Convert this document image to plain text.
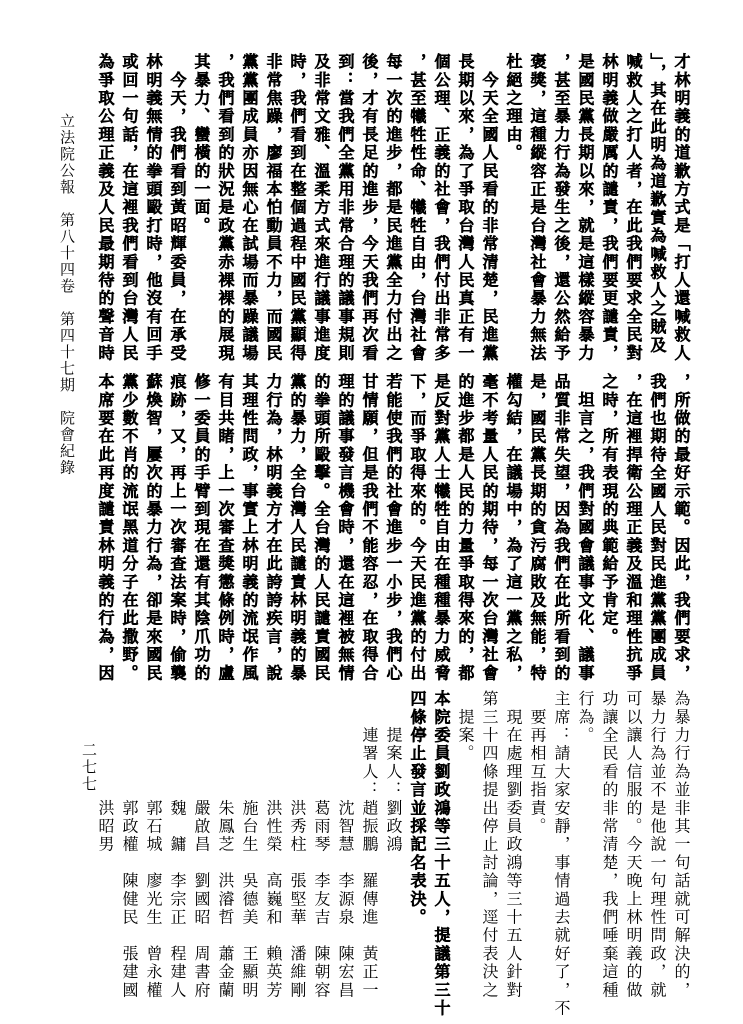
立法院公報　第八十四卷　第四十七期　院會紀錄
二七七
才林明義的道歉方式是「打人還喊救人
」，其在此明為道歉實為喊救人之賊及
喊救人之打人者，在此我們要求全民對
林明義做嚴厲的譴責，我們要更譴責，
是國民黨長期以來，就是這樣縱容暴力
，甚至暴力行為發生之後，還公然給予
褒獎，這種縱容正是台灣社會暴力無法
杜絕之理由。
　今天全國人民看的非常清楚，民進黨
長期以來，為了爭取台灣人民真正有一
個公理、正義的社會，我們付出非常多
，甚至犧牲性命、犧牲自由，台灣社會
每一次的進步，都是民進黨全力付出之
後，才有長足的進步，今天我們再次看
到：當我們全黨用非常合理的議事規則
及非常文雅、溫柔方式來進行議事進度
時，我們看到在整個過程中國民黨顯得
非常焦躁，廖福本怕動員不力，而國民
黨黨團成員亦因無心在試場而暴躁議場
，我們看到的狀況是政黨赤裸裸的展現
其暴力、蠻橫的一面。
　今天，我們看到黃昭輝委員，在承受
林明義無情的拳頭毆打時，他沒有回手
或回一句話，在這裡我們看到台灣人民
為爭取公理正義及人民最期待的聲音時
，所做的最好示範。因此，我們要求，
我們也期待全國人民對民進黨黨團成員
，在這裡捍衛公理正義及溫和理性抗爭
之時，所有表現的典範給予肯定。
　坦言之，我們對國會議事文化、議事
品質非常失望，因為我們在此所看到的
是，國民黨長期的貪污腐敗及無能，特
權勾結，在議場中，為了這一黨之私，
毫不考量人民的期待，每一次台灣社會
的進步都是人民的力量爭取得來的，都
是反對黨人士犧牲自由在種種暴力威脅
下，而爭取得來的。今天民進黨的付出
若能使我們的社會進步一小步，我們心
甘情願，但是我們不能容忍，在取得合
理的議事發言機會時，還在這裡被無情
的拳頭所毆擊。全台灣的人民譴責國民
黨的暴力，全台灣人民譴責林明義的暴
力行為，林明義方才在此誇誇疾言，說
其理性問政，事實上林明義的流氓作風
有目共睹，上一次審查獎懲條例時，盧
修一委員的手臂到現在還有其陰爪功的
痕跡，又，再上一次審查法案時，偷襲
蘇煥智，屢次的暴力行為，卻是來國民
黨少數不肖的流氓黑道分子在此撒野。
本席要在此再度譴責林明義的行為，因
為暴力行為並非其一句話就可解決的，
暴力行為並不是他說一句理性問政，就
可以讓人信服的。今天晚上林明義的做
功讓全民看的非常清楚，我們唾棄這種
行為。
主席：請大家安靜，事情過去就好了，不
　要再相互指責。
　現在處理劉委員政鴻等三十五人針對
第三十四條提出停止討論，逕付表決之
　提案。
本院委員劉政鴻等三十五人，提議第三十
四條停止發言並採記名表決。
　　提案人：劉政鴻
　　連署人：趙振鵬　羅傳進　黃正一
　　　　　　沈智慧　李源泉　陳宏昌
　　　　　　葛雨琴　李友吉　陳朝容
　　　　　　洪秀柱　張堅華　潘維剛
　　　　　　洪性榮　高巍和　賴英芳
　　　　　　施台生　吳德美　王顯明
　　　　　　朱鳳芝　洪濬哲　蕭金蘭
　　　　　　嚴啟昌　劉國昭　周書府
　　　　　　魏　鏞　李宗正　程建人
　　　　　　郭石城　廖光生　曾永權
　　　　　　郭政權　陳健民　張建國
　　　　　　洪昭男
